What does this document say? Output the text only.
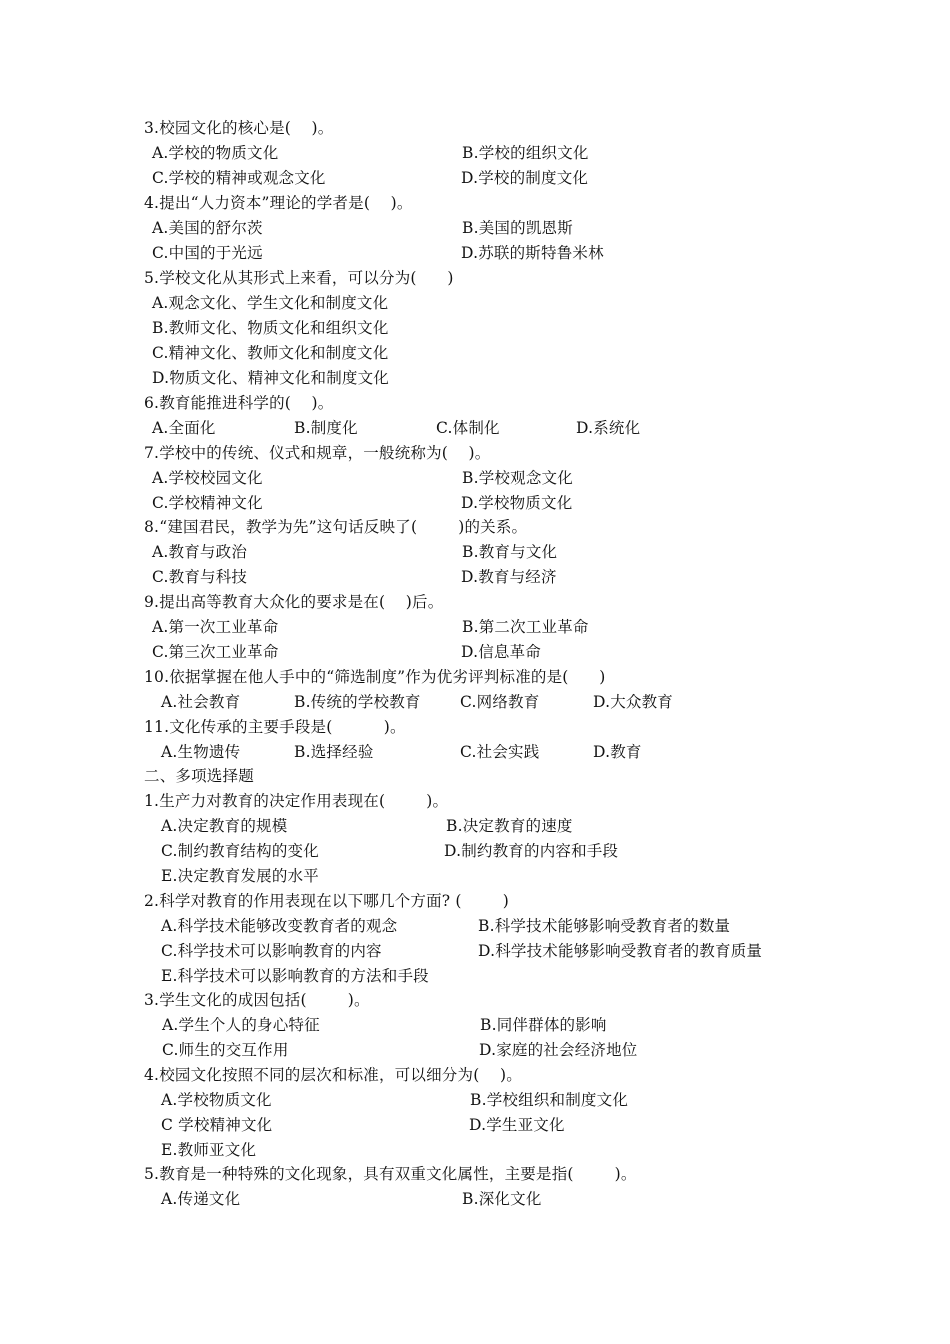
3.校园文化的核心是(    )。
A.学校的物质文化	B.学校的组织文化
C.学校的精神或观念文化	D.学校的制度文化
4.提出“人力资本”理论的学者是(    )。
A.美国的舒尔茨	B.美国的凯恩斯
C.中国的于光远	D.苏联的斯特鲁米林
5.学校文化从其形式上来看，可以分为(      )
A.观念文化、学生文化和制度文化
B.教师文化、物质文化和组织文化
C.精神文化、教师文化和制度文化
D.物质文化、精神文化和制度文化
6.教育能推进科学的(    )。
A.全面化	B.制度化	C.体制化	D.系统化
7.学校中的传统、仪式和规章，一般统称为(    )。
A.学校校园文化	B.学校观念文化
C.学校精神文化	D.学校物质文化
8.“建国君民，教学为先”这句话反映了(        )的关系。
A.教育与政治	B.教育与文化
C.教育与科技	D.教育与经济
9.提出高等教育大众化的要求是在(    )后。
A.第一次工业革命	B.第二次工业革命
C.第三次工业革命	D.信息革命
10.依据掌握在他人手中的“筛选制度”作为优劣评判标准的是(      )
A.社会教育	B.传统的学校教育	C.网络教育	D.大众教育
11.文化传承的主要手段是(          )。
A.生物遗传	B.选择经验	C.社会实践	D.教育
二、多项选择题
1.生产力对教育的决定作用表现在(        )。
A.决定教育的规模	B.决定教育的速度
C.制约教育结构的变化	D.制约教育的内容和手段
E.决定教育发展的水平
2.科学对教育的作用表现在以下哪几个方面? (        )
A.科学技术能够改变教育者的观念	B.科学技术能够影响受教育者的数量
C.科学技术可以影响教育的内容	D.科学技术能够影响受教育者的教育质量
E.科学技术可以影响教育的方法和手段
3.学生文化的成因包括(        )。
A.学生个人的身心特征	B.同伴群体的影响
C.师生的交互作用	D.家庭的社会经济地位
4.校园文化按照不同的层次和标准，可以细分为(    )。
A.学校物质文化	B.学校组织和制度文化
C 学校精神文化	D.学生亚文化
E.教师亚文化
5.教育是一种特殊的文化现象，具有双重文化属性，主要是指(        )。
A.传递文化	B.深化文化
